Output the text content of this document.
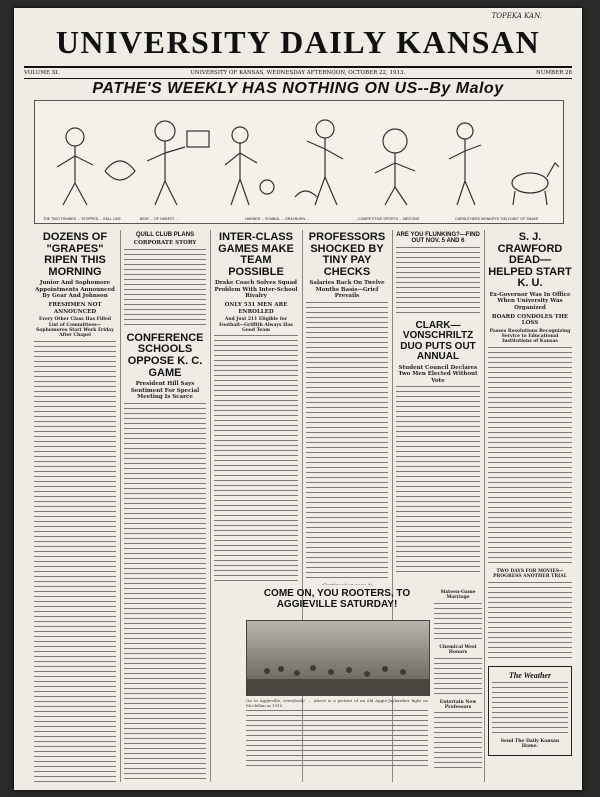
TOPEKA KAN.
UNIVERSITY DAILY KANSAN
VOLUME XI.	UNIVERSITY OF KANSAS, WEDNESDAY AFTERNOON, OCTOBER 22, 1913.	NUMBER 28
PATHE'S WEEKLY HAS NOTHING ON US--By Maloy
THE TWO TRAINED ... STOPPED ... BULL LIKE	BEAT ... OF HAREST ...	HARNER ... SYMBOL ... GRAYBURN ...	...COMPETITIVE SPORTS ... MEETING	CARRUTHERS MONKEYS "DELIVING" OF SNAKE
DOZENS OF "GRAPES" RIPEN THIS MORNING
Junior And Sophomore Appointments Announced By Gear And Johnson
FRESHMEN NOT ANNOUNCED
Every Other Class Has Filled List of Committees—Sophomores Start Work Friday After Chapel
QUILL CLUB PLANS
CORPORATE STORY
CONFERENCE SCHOOLS OPPOSE K. C. GAME
President Hill Says Sentiment For Special Meeting Is Scarce
INTER-CLASS GAMES MAKE TEAM POSSIBLE
Drake Coach Solves Squad Problem With Inter-School Rivalry
ONLY 531 MEN ARE ENROLLED
And Just 211 Eligible for Football—Griffith Always Has Good Team
PROFESSORS SHOCKED BY TINY PAY CHECKS
Salaries Back On Twelve Months Basis—Grief Prevails
COME ON, YOU ROOTERS, TO AGGIEVILLE SATURDAY!
On to Aggieville, everybody! ... Above is a picture of an old Aggie-Jayhawker fight on Mcclellan in 1910.
ARE YOU FLUNKING?—FIND OUT NOV. 5 AND 6
CLARK—VONSCHRILTZ DUO PUTS OUT ANNUAL
Student Council Declares Two Men Elected Without Vote
Sixteen-Game Marriage
Chemical West Honors
Entertain New Professors
S. J. CRAWFORD DEAD—HELPED START K. U.
Ex-Governor Was In Office When University Was Organized
BOARD CONDOLES THE LOSS
Passes Resolutions Recognizing Service to Educational Institutions of Kansas
TWO DAYS FOR MOVIES—PROGRESS ANOTHER TRIAL
The Weather
Send The Daily Kansan Home.
